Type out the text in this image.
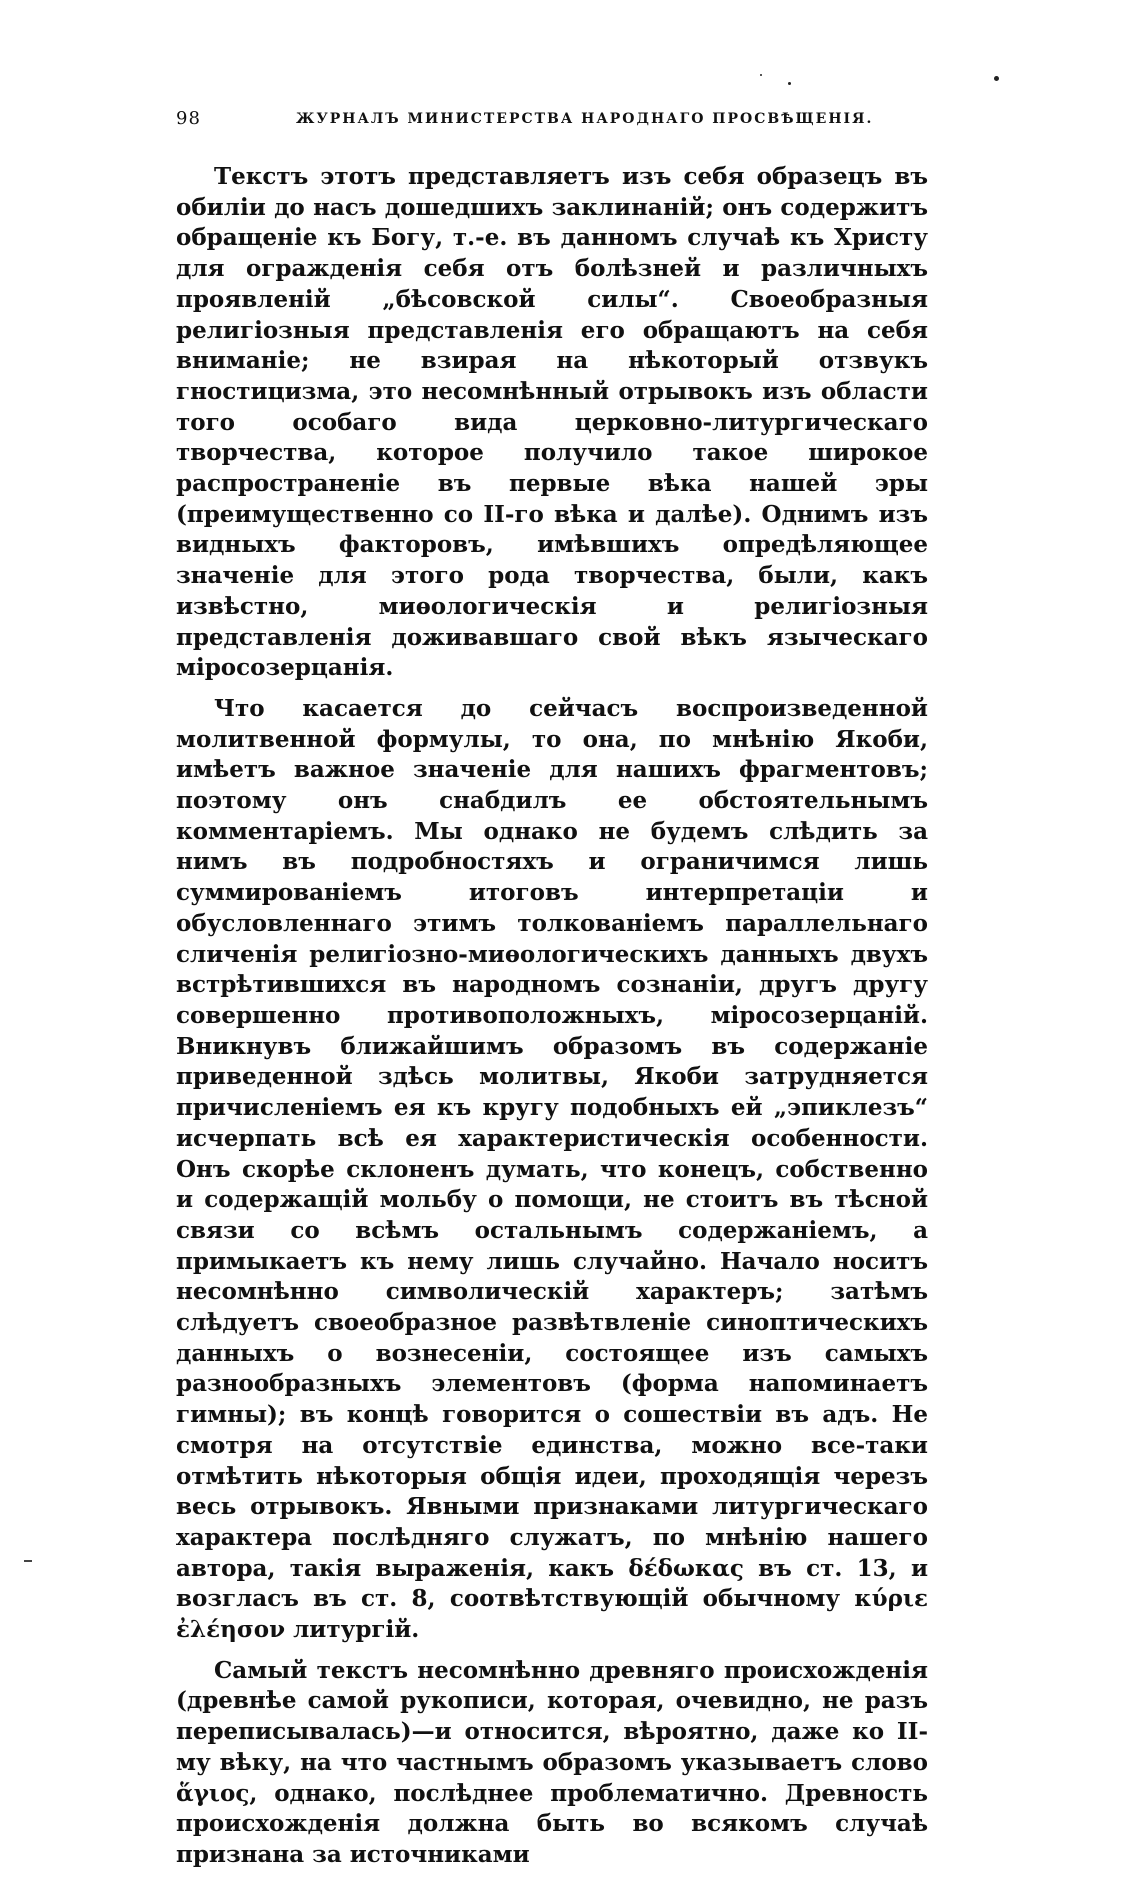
98	ЖУРНАЛЪ МИНИСТЕРСТВА НАРОДНАГО ПРОСВѢЩЕНІЯ.

Текстъ этотъ представляетъ изъ себя образецъ въ обиліи до насъ дошедшихъ заклинаній; онъ содержитъ обращеніе къ Богу, т.-е. въ данномъ случаѣ къ Христу для огражденія себя отъ болѣзней и различныхъ проявленій „бѣсовской силы“. Своеобразныя религіозныя представленія его обращаютъ на себя вниманіе; не взирая на нѣкоторый отзвукъ гностицизма, это несомнѣнный отрывокъ изъ области того особаго вида церковно-литургическаго творчества, которое получило такое широкое распространеніе въ первые вѣка нашей эры (преимущественно со II-го вѣка и далѣе). Однимъ изъ видныхъ факторовъ, имѣвшихъ опредѣляющее значеніе для этого рода творчества, были, какъ извѣстно, миѳологическія и религіозныя представленія доживавшаго свой вѣкъ языческаго міросозерцанія.

Что касается до сейчасъ воспроизведенной молитвенной формулы, то она, по мнѣнію Якоби, имѣетъ важное значеніе для нашихъ фрагментовъ; поэтому онъ снабдилъ ее обстоятельнымъ комментаріемъ. Мы однако не будемъ слѣдить за нимъ въ подробностяхъ и ограничимся лишь суммированіемъ итоговъ интерпретаціи и обусловленнаго этимъ толкованіемъ параллельнаго сличенія религіозно-миѳологическихъ данныхъ двухъ встрѣтившихся въ народномъ сознаніи, другъ другу совершенно противоположныхъ, міросозерцаній. Вникнувъ ближайшимъ образомъ въ содержаніе приведенной здѣсь молитвы, Якоби затрудняется причисленіемъ ея къ кругу подобныхъ ей „эпиклезъ“ исчерпать всѣ ея характеристическія особенности. Онъ скорѣе склоненъ думать, что конецъ, собственно и содержащій мольбу о помощи, не стоитъ въ тѣсной связи со всѣмъ остальнымъ содержаніемъ, а примыкаетъ къ нему лишь случайно. Начало носитъ несомнѣнно символическій характеръ; затѣмъ слѣдуетъ своеобразное развѣтвленіе синоптическихъ данныхъ о вознесеніи, состоящее изъ самыхъ разнообразныхъ элементовъ (форма напоминаетъ гимны); въ концѣ говорится о сошествіи въ адъ. Не смотря на отсутствіе единства, можно все-таки отмѣтить нѣкоторыя общія идеи, проходящія черезъ весь отрывокъ. Явными признаками литургическаго характера послѣдняго служатъ, по мнѣнію нашего автора, такія выраженія, какъ δέδωκας въ ст. 13, и возгласъ въ ст. 8, соотвѣтствующій обычному κύριε ἐλέησον литургій.

Самый текстъ несомнѣнно древняго происхожденія (древнѣе самой рукописи, которая, очевидно, не разъ переписывалась)—и относится, вѣроятно, даже ко II-му вѣку, на что частнымъ образомъ указываетъ слово ἅγιος, однако, послѣднее проблематично. Древность происхожденія должна быть во всякомъ случаѣ признана за источниками
